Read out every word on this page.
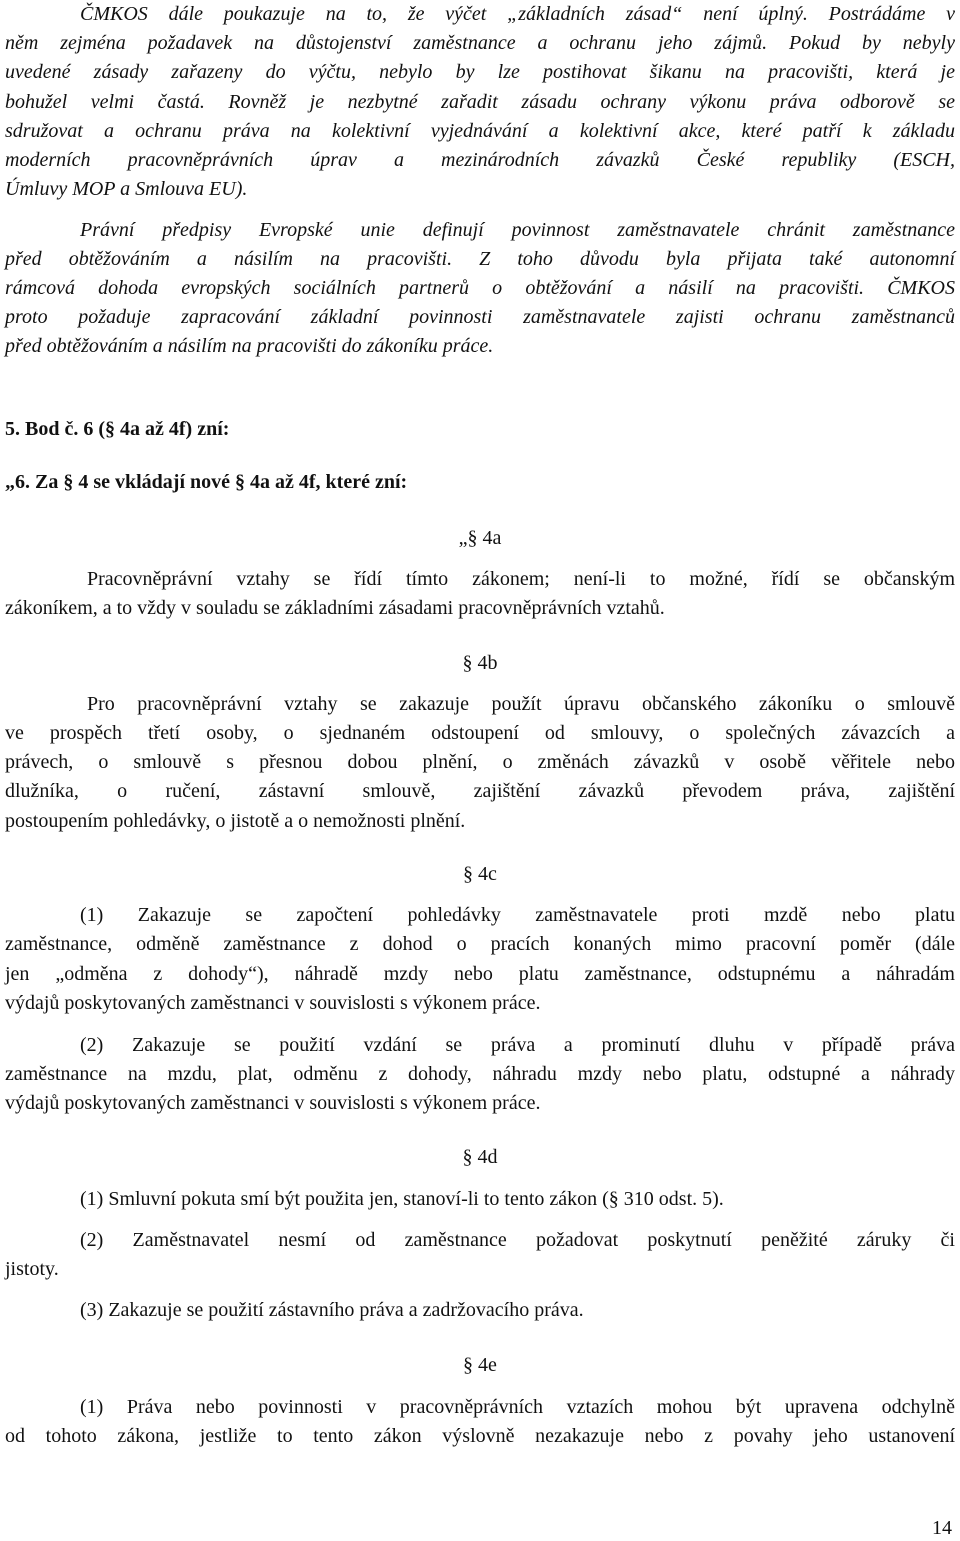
ČMKOS dále poukazuje na to, že výčet „základních zásad“ není úplný. Postrádáme v
něm zejména požadavek na důstojenství zaměstnance a ochranu jeho zájmů. Pokud by nebyly
uvedené zásady zařazeny do výčtu, nebylo by lze postihovat šikanu na pracovišti, která je
bohužel velmi častá. Rovněž je nezbytné zařadit zásadu ochrany výkonu práva odborově se
sdružovat a ochranu práva na kolektivní vyjednávání a kolektivní akce, které patří k základu
moderních pracovněprávních úprav a mezinárodních závazků České republiky (ESCH,
Úmluvy MOP a Smlouva EU).
Právní předpisy Evropské unie definují povinnost zaměstnavatele chránit zaměstnance
před obtěžováním a násilím na pracovišti. Z toho důvodu byla přijata také autonomní
rámcová dohoda evropských sociálních partnerů o obtěžování a násilí na pracovišti. ČMKOS
proto požaduje zapracování základní povinnosti zaměstnavatele zajisti ochranu zaměstnanců
před obtěžováním a násilím na pracovišti do zákoníku práce.
5. Bod č. 6 (§ 4a až 4f) zní:
„6. Za § 4 se vkládají nové § 4a až 4f, které zní:
„§ 4a
Pracovněprávní vztahy se řídí tímto zákonem; není-li to možné, řídí se občanským
zákoníkem, a to vždy v souladu se základními zásadami pracovněprávních vztahů.
§ 4b
Pro pracovněprávní vztahy se zakazuje použít úpravu občanského zákoníku o smlouvě
ve prospěch třetí osoby, o sjednaném odstoupení od smlouvy, o společných závazcích a
právech, o smlouvě s přesnou dobou plnění, o změnách závazků v osobě věřitele nebo
dlužníka, o ručení, zástavní smlouvě, zajištění závazků převodem práva, zajištění
postoupením pohledávky, o jistotě a o nemožnosti plnění.
§ 4c
(1) Zakazuje se započtení pohledávky zaměstnavatele proti mzdě nebo platu
zaměstnance, odměně zaměstnance z dohod o pracích konaných mimo pracovní poměr (dále
jen „odměna z dohody“), náhradě mzdy nebo platu zaměstnance, odstupnému a náhradám
výdajů poskytovaných zaměstnanci v souvislosti s výkonem práce.
(2) Zakazuje se použití vzdání se práva a prominutí dluhu v případě práva
zaměstnance na mzdu, plat, odměnu z dohody, náhradu mzdy nebo platu, odstupné a náhrady
výdajů poskytovaných zaměstnanci v souvislosti s výkonem práce.
§ 4d
(1) Smluvní pokuta smí být použita jen, stanoví-li to tento zákon (§ 310 odst. 5).
(2) Zaměstnavatel nesmí od zaměstnance požadovat poskytnutí peněžité záruky či
jistoty.
(3) Zakazuje se použití zástavního práva a zadržovacího práva.
§ 4e
(1) Práva nebo povinnosti v pracovněprávních vztazích mohou být upravena odchylně
od tohoto zákona, jestliže to tento zákon výslovně nezakazuje nebo z povahy jeho ustanovení
14
